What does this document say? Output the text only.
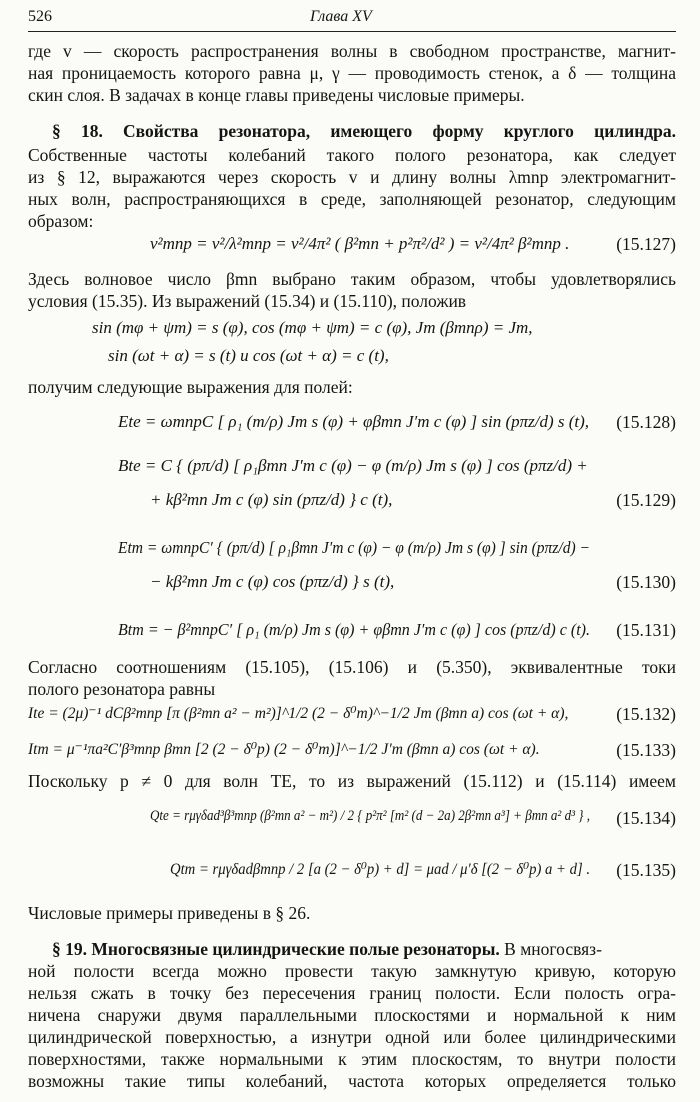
526	Глава XV
где v — скорость распространения волны в свободном пространстве, магнит-
ная проницаемость которого равна μ, γ — проводимость стенок, а δ — толщина
скин слоя. В задачах в конце главы приведены числовые примеры.
§ 18. Свойства резонатора, имеющего форму круглого цилиндра.
Собственные частоты колебаний такого полого резонатора, как следует
из § 12, выражаются через скорость v и длину волны λmnp электромагнит-
ных волн, распространяющихся в среде, заполняющей резонатор, следующим
образом:
ν²mnp = v²/λ²mnp = v²/4π² ( β²mn + p²π²/d² ) = v²/4π² β²mnp .	(15.127)
Здесь волновое число βmn выбрано таким образом, чтобы удовлетворялись
условия (15.35). Из выражений (15.34) и (15.110), положив
sin (mφ + ψm) = s (φ), cos (mφ + ψm) = c (φ), Jm (βmnρ) = Jm,
sin (ωt + α) = s (t) и cos (ωt + α) = c (t),
получим следующие выражения для полей:
Ete = ωmnpC [ ρ₁ (m/ρ) Jm s (φ) + φβmn J′m c (φ) ] sin (pπz/d) s (t), (15.128)
Bte = C { (pπ/d) [ ρ₁βmn J′m c (φ) − φ (m/ρ) Jm s (φ) ] cos (pπz/d) +
+ kβ²mn Jm c (φ) sin (pπz/d) } c (t),	(15.129)
Etm = ωmnpC′ { (pπ/d) [ ρ₁βmn J′m c (φ) − φ (m/ρ) Jm s (φ) ] sin (pπz/d) −
− kβ²mn Jm c (φ) cos (pπz/d) } s (t),	(15.130)
Btm = − β²mnpC′ [ ρ₁ (m/ρ) Jm s (φ) + φβmn J′m c (φ) ] cos (pπz/d) c (t). (15.131)
Согласно соотношениям (15.105), (15.106) и (5.350), эквивалентные токи
полого резонатора равны
Ite = (2μ)⁻¹ dCβ²mnp [π (β²mn a² − m²)]^1/2 (2 − δ⁰m)^−1/2 Jm (βmn a) cos (ωt + α),	(15.132)
Itm = μ⁻¹πa²C′β³mnp βmn [2 (2 − δ⁰p) (2 − δ⁰m)]^−1/2 J′m (βmn a) cos (ωt + α).	(15.133)
Поскольку p ≠ 0 для волн TE, то из выражений (15.112) и (15.114) имеем
Qte = rμγδad³β³mnp (β²mn a² − m²) / 2 { p²π² [m² (d − 2a) 2β²mn a³] + βmn a² d³ } , (15.134)
Qtm = rμγδadβmnp / 2 [a (2 − δ⁰p) + d] = μad / μ′δ [(2 − δ⁰p) a + d] . (15.135)
Числовые примеры приведены в § 26.
§ 19. Многосвязные цилиндрические полые резонаторы. В многосвяз-
ной полости всегда можно провести такую замкнутую кривую, которую
нельзя сжать в точку без пересечения границ полости. Если полость огра-
ничена снаружи двумя параллельными плоскостями и нормальной к ним
цилиндрической поверхностью, а изнутри одной или более цилиндрическими
поверхностями, также нормальными к этим плоскостям, то внутри полости
возможны такие типы колебаний, частота которых определяется только
